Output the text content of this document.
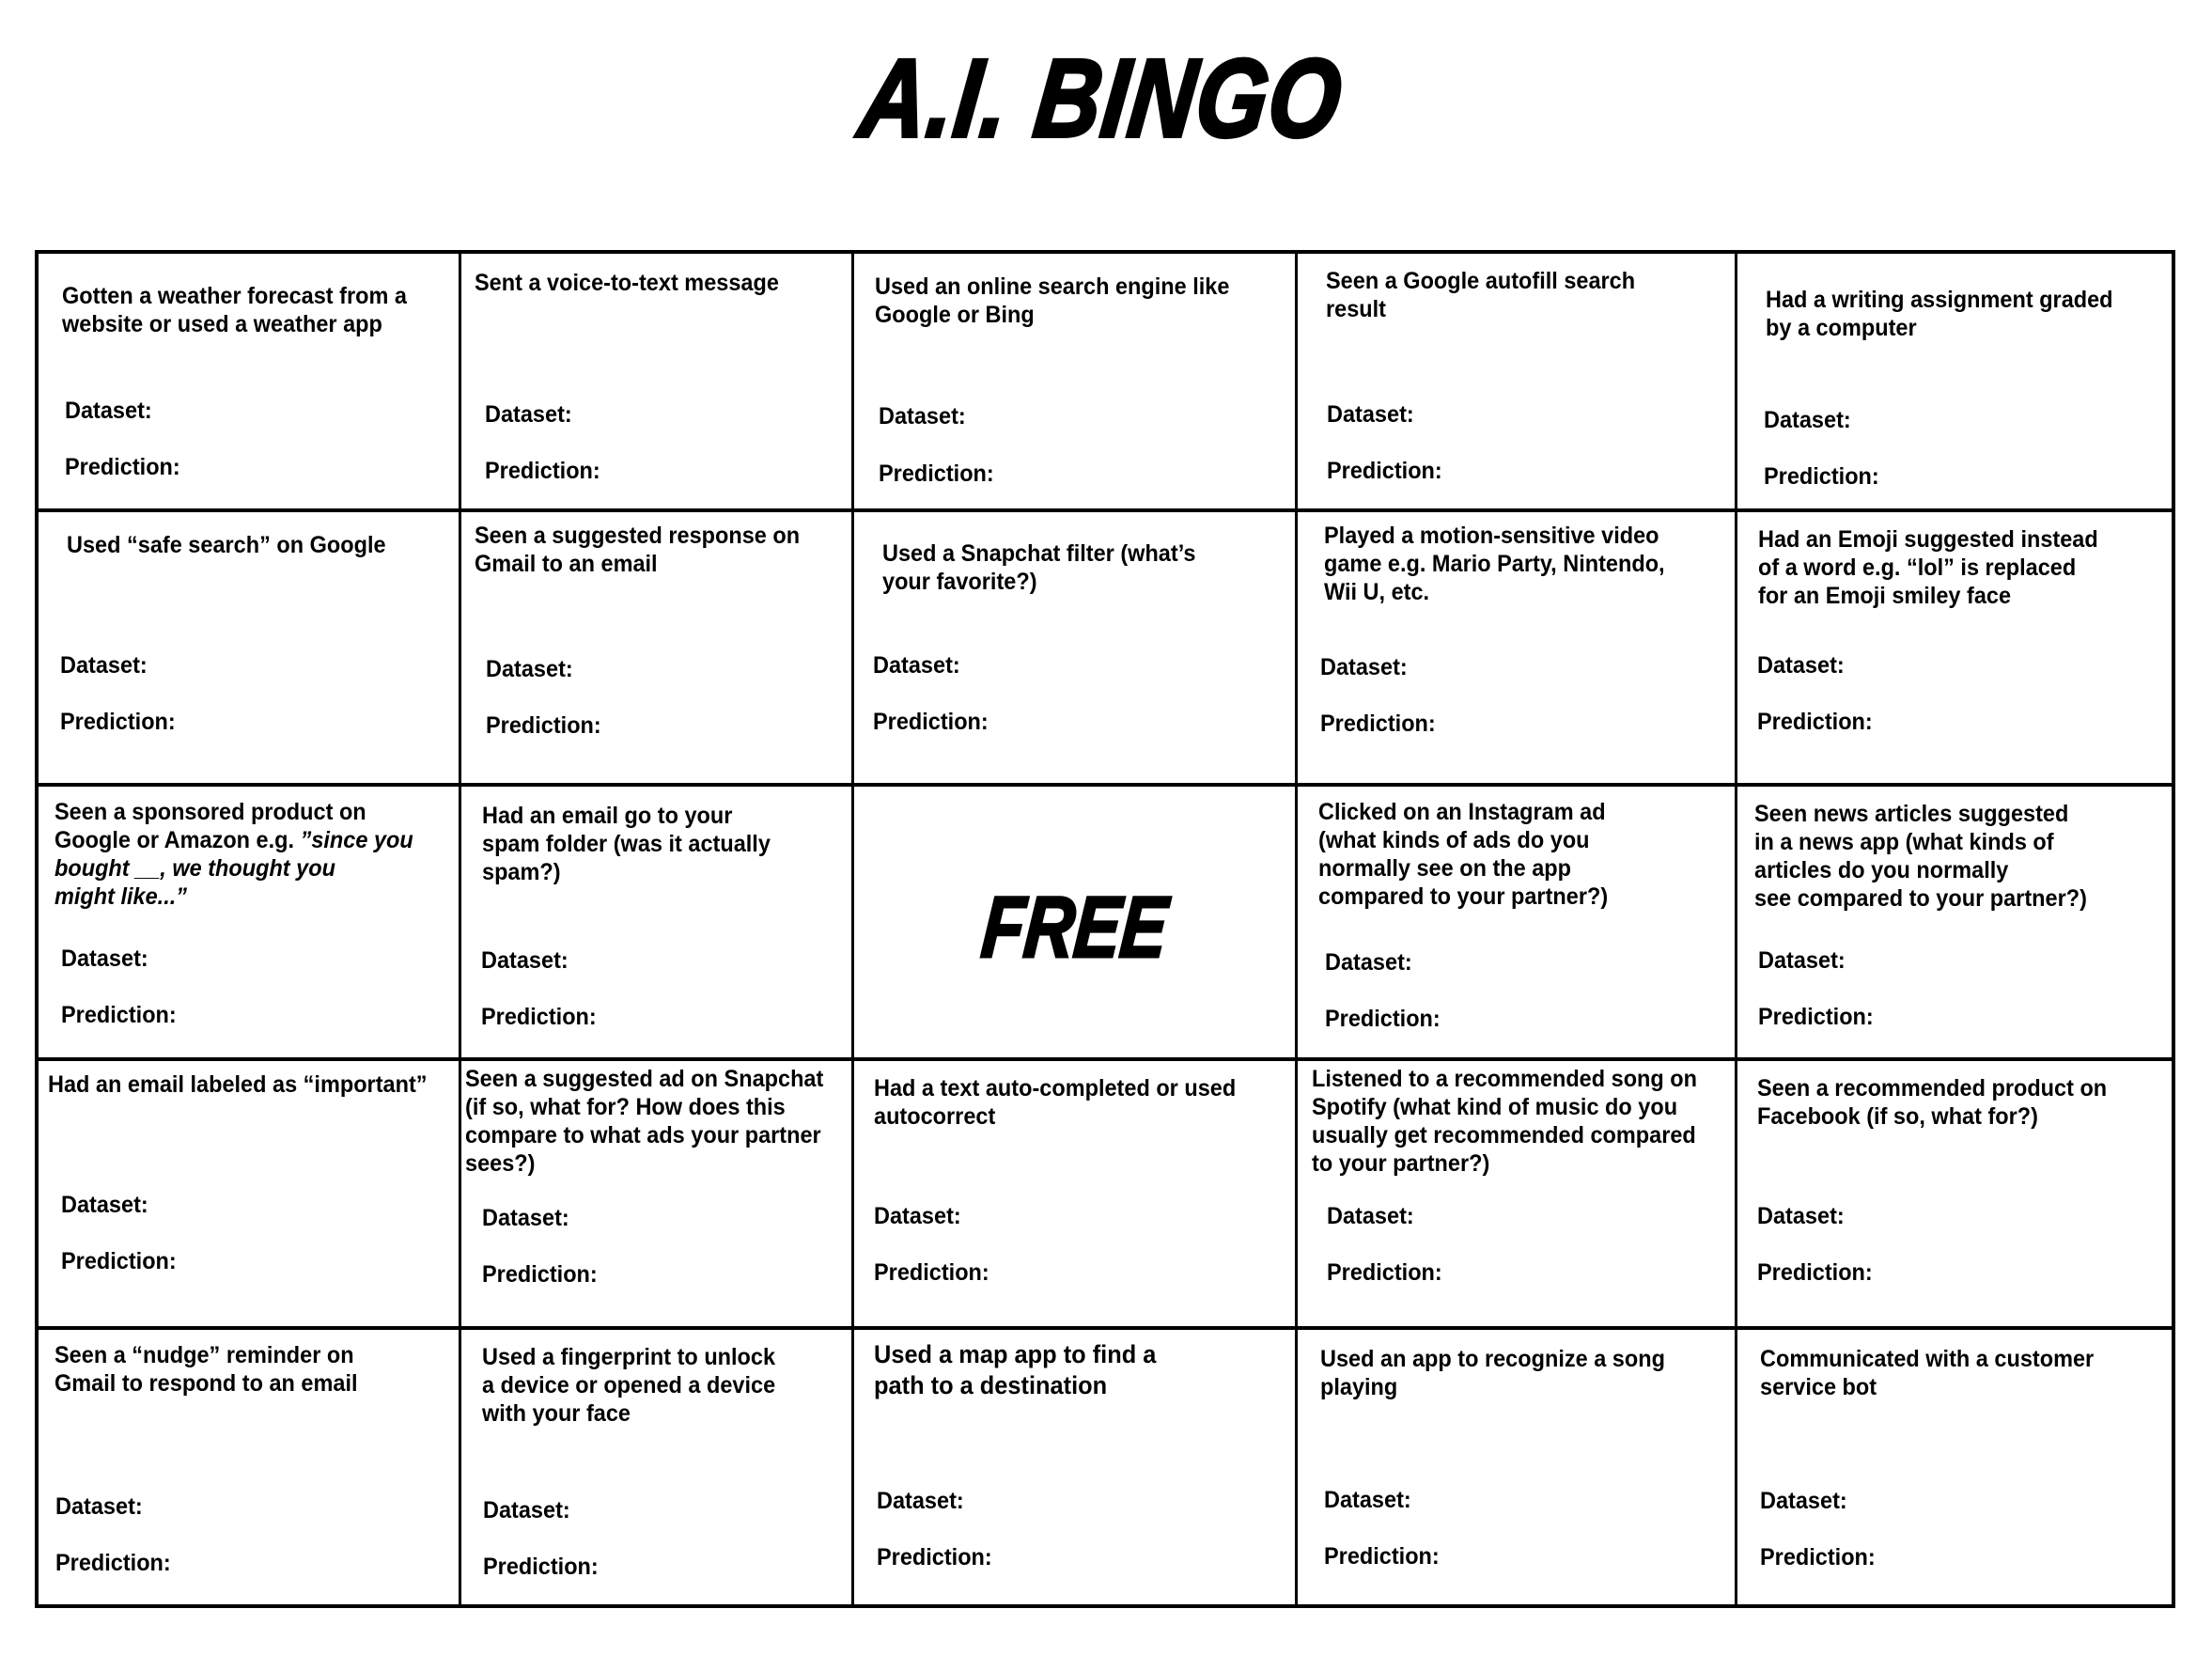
A.I. BINGO
Gotten a weather forecast from a
website or used a weather app
Dataset:
Prediction:
Sent a voice-to-text message
Dataset:
Prediction:
Used an online search engine like
Google or Bing
Dataset:
Prediction:
Seen a Google autofill search
result
Dataset:
Prediction:
Had a writing assignment graded
by a computer
Dataset:
Prediction:
Used “safe search” on Google
Dataset:
Prediction:
Seen a suggested response on
Gmail to an email
Dataset:
Prediction:
Used a Snapchat filter (what’s
your favorite?)
Dataset:
Prediction:
Played a motion-sensitive video
game e.g. Mario Party, Nintendo,
Wii U, etc.
Dataset:
Prediction:
Had an Emoji suggested instead
of a word e.g. “lol” is replaced
for an Emoji smiley face
Dataset:
Prediction:
Seen a sponsored product on
Google or Amazon e.g. ”since you
bought __, we thought you
might like...”
Dataset:
Prediction:
Had an email go to your
spam folder (was it actually
spam?)
Dataset:
Prediction:
FREE
Clicked on an Instagram ad
(what kinds of ads do you
normally see on the app
compared to your partner?)
Dataset:
Prediction:
Seen news articles suggested
in a news app (what kinds of
articles do you normally
see compared to your partner?)
Dataset:
Prediction:
Had an email labeled as “important”
Dataset:
Prediction:
Seen a suggested ad on Snapchat
(if so, what for? How does this
compare to what ads your partner
sees?)
Dataset:
Prediction:
Had a text auto-completed or used
autocorrect
Dataset:
Prediction:
Listened to a recommended song on
Spotify (what kind of music do you
usually get recommended compared
to your partner?)
Dataset:
Prediction:
Seen a recommended product on
Facebook (if so, what for?)
Dataset:
Prediction:
Seen a “nudge” reminder on
Gmail to respond to an email
Dataset:
Prediction:
Used a fingerprint to unlock
a device or opened a device
with your face
Dataset:
Prediction:
Used a map app to find a
path to a destination
Dataset:
Prediction:
Used an app to recognize a song
playing
Dataset:
Prediction:
Communicated with a customer
service bot
Dataset:
Prediction:
